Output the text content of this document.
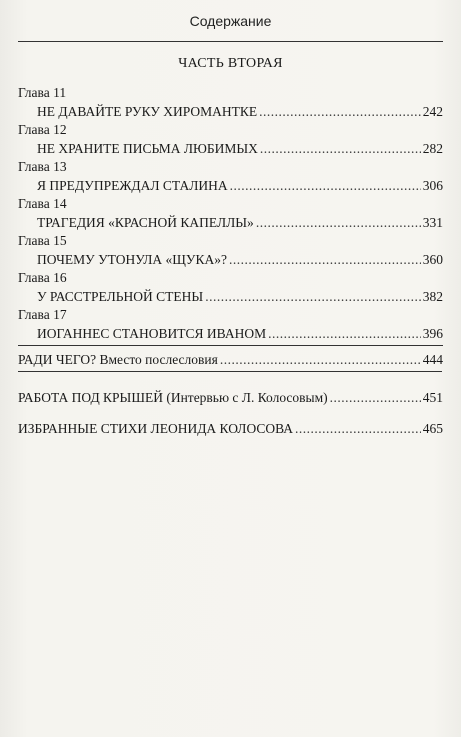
Содержание
ЧАСТЬ ВТОРАЯ
Глава 11
НЕ ДАВАЙТЕ РУКУ ХИРОМАНТКЕ .....	242
Глава 12
НЕ ХРАНИТЕ ПИСЬМА ЛЮБИМЫХ .....	282
Глава 13
Я ПРЕДУПРЕЖДАЛ СТАЛИНА .....	306
Глава 14
ТРАГЕДИЯ «КРАСНОЙ КАПЕЛЛЫ» .....	331
Глава 15
ПОЧЕМУ УТОНУЛА «ЩУКА»? .....	360
Глава 16
У РАССТРЕЛЬНОЙ СТЕНЫ .....	382
Глава 17
ИОГАННЕС СТАНОВИТСЯ ИВАНОМ .....	396
РАДИ ЧЕГО? Вместо послесловия .....	444
РАБОТА ПОД КРЫШЕЙ (Интервью с Л. Колосовым) .....	451
ИЗБРАННЫЕ СТИХИ ЛЕОНИДА КОЛОСОВА .....	465
